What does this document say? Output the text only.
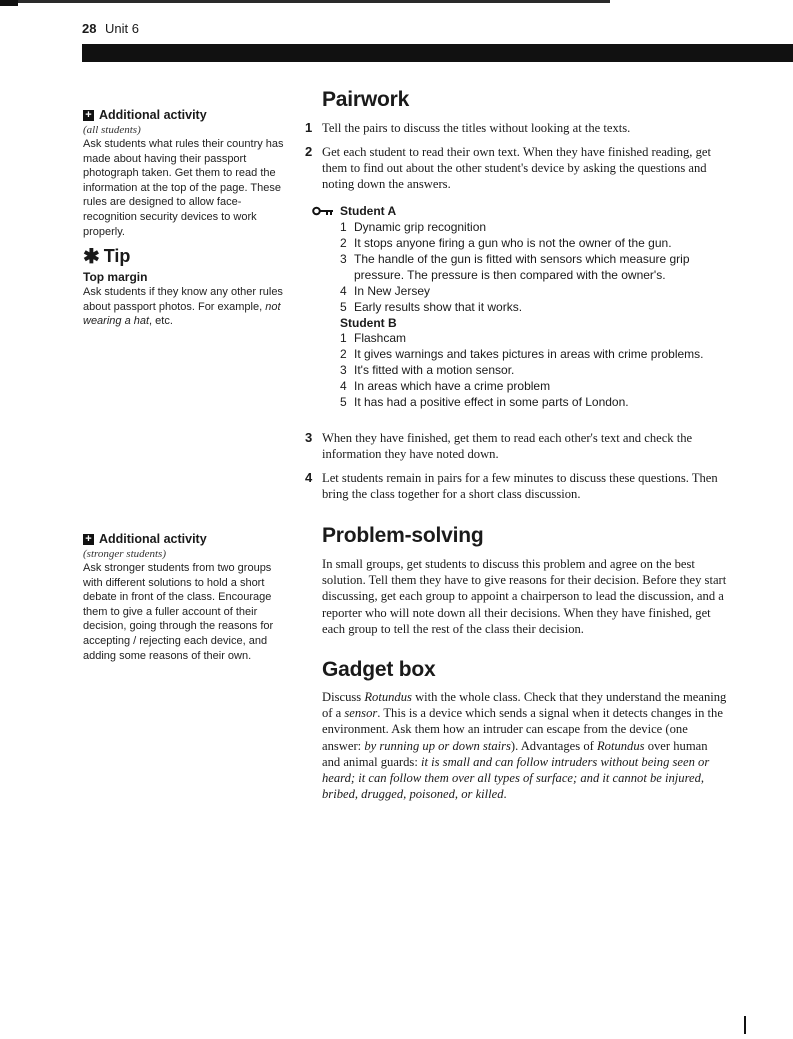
28 Unit 6
+ Additional activity
(all students)
Ask students what rules their country has made about having their passport photograph taken. Get them to read the information at the top of the page. These rules are designed to allow face-recognition security devices to work properly.
✱ Tip
Top margin
Ask students if they know any other rules about passport photos. For example, not wearing a hat, etc.
+ Additional activity
(stronger students)
Ask stronger students from two groups with different solutions to hold a short debate in front of the class. Encourage them to give a fuller account of their decision, going through the reasons for accepting / rejecting each device, and adding some reasons of their own.
Pairwork
1 Tell the pairs to discuss the titles without looking at the texts.
2 Get each student to read their own text. When they have finished reading, get them to find out about the other student's device by asking the questions and noting down the answers.
Student A
1 Dynamic grip recognition
2 It stops anyone firing a gun who is not the owner of the gun.
3 The handle of the gun is fitted with sensors which measure grip pressure. The pressure is then compared with the owner's.
4 In New Jersey
5 Early results show that it works.
Student B
1 Flashcam
2 It gives warnings and takes pictures in areas with crime problems.
3 It's fitted with a motion sensor.
4 In areas which have a crime problem
5 It has had a positive effect in some parts of London.
3 When they have finished, get them to read each other's text and check the information they have noted down.
4 Let students remain in pairs for a few minutes to discuss these questions. Then bring the class together for a short class discussion.
Problem-solving
In small groups, get students to discuss this problem and agree on the best solution. Tell them they have to give reasons for their decision. Before they start discussing, get each group to appoint a chairperson to lead the discussion, and a reporter who will note down all their decisions. When they have finished, get each group to tell the rest of the class their decision.
Gadget box
Discuss Rotundus with the whole class. Check that they understand the meaning of a sensor. This is a device which sends a signal when it detects changes in the environment. Ask them how an intruder can escape from the device (one answer: by running up or down stairs). Advantages of Rotundus over human and animal guards: it is small and can follow intruders without being seen or heard; it can follow them over all types of surface; and it cannot be injured, bribed, drugged, poisoned, or killed.
